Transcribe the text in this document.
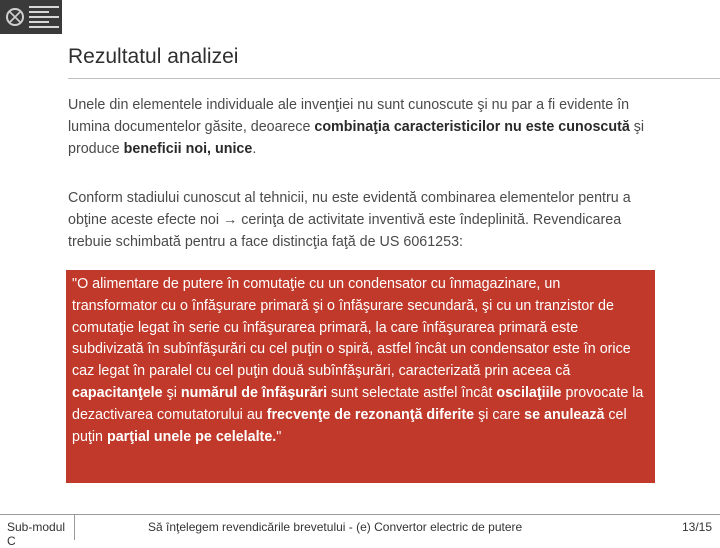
Rezultatul analizei

Unele din elementele individuale ale invenţiei nu sunt cunoscute şi nu par a fi evidente în lumina documentelor găsite, deoarece combinaţia caracteristicilor nu este cunoscută şi produce beneficii noi, unice.

Conform stadiului cunoscut al tehnicii, nu este evidentă combinarea elementelor pentru a obţine aceste efecte noi → cerinţa de activitate inventivă este îndeplinită. Revendicarea trebuie schimbată pentru a face distincţia faţă de US 6061253:

"O alimentare de putere în comutaţie cu un condensator cu înmagazinare, un transformator cu o înfăşurare primară şi o înfăşurare secundară, şi cu un tranzistor de comutaţie legat în serie cu înfăşurarea primară, la care înfăşurarea primară este subdivizată în subînfăşurări cu cel puţin o spiră, astfel încât un condensator este în orice caz legat în paralel cu cel puţin două subînfăşurări, caracterizată prin aceea că capacitanţele şi numărul de înfăşurări sunt selectate astfel încât oscilaţiile provocate la dezactivarea comutatorului au frecvenţe de rezonanţă diferite şi care se anulează cel puţin parţial unele pe celelalte."
Sub-modul C
Să înţelegem revendicările brevetului - (e) Convertor electric de putere	13/15
